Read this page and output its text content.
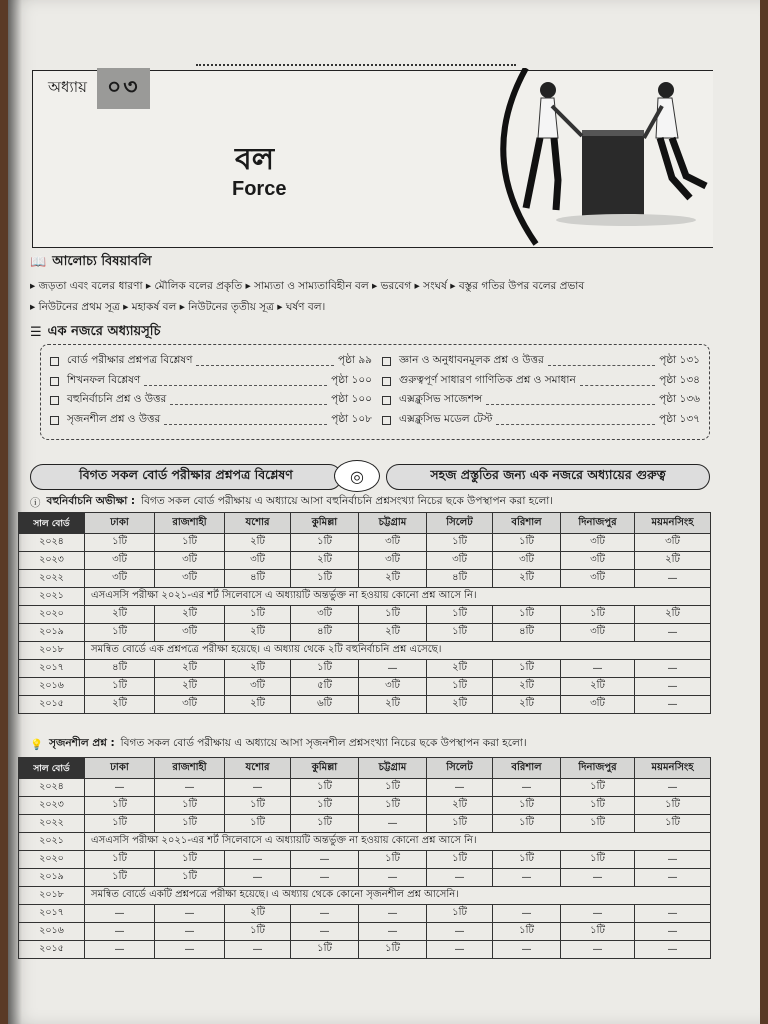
অধ্যায় ০৩
বল
Force
📖 আলোচ্য বিষয়াবলি
▸ জড়তা এবং বলের ধারণা ▸ মৌলিক বলের প্রকৃতি ▸ সাম্যতা ও সাম্যতাবিহীন বল ▸ ভরবেগ ▸ সংঘর্ষ ▸ বস্তুর গতির উপর বলের প্রভাব
▸ নিউটনের প্রথম সূত্র ▸ মহাকর্ষ বল ▸ নিউটনের তৃতীয় সূত্র ▸ ঘর্ষণ বল।
☰ এক নজরে অধ্যায়সূচি
বোর্ড পরীক্ষার প্রশ্নপত্র বিশ্লেষণ	পৃষ্ঠা ৯৯
শিখনফল বিশ্লেষণ	পৃষ্ঠা ১০০
বহুনির্বাচনি প্রশ্ন ও উত্তর	পৃষ্ঠা ১০০
সৃজনশীল প্রশ্ন ও উত্তর	পৃষ্ঠা ১০৮
জ্ঞান ও অনুধাবনমূলক প্রশ্ন ও উত্তর	পৃষ্ঠা ১৩১
গুরুত্বপূর্ণ সাধারণ গাণিতিক প্রশ্ন ও সমাধান	পৃষ্ঠা ১৩৪
এক্সক্লুসিভ সাজেশন্স	পৃষ্ঠা ১৩৬
এক্সক্লুসিভ মডেল টেস্ট	পৃষ্ঠা ১৩৭
বিগত সকল বোর্ড পরীক্ষার প্রশ্নপত্র বিশ্লেষণ	◎	সহজ প্রস্তুতির জন্য এক নজরে অধ্যায়ের গুরুত্ব
ⓘ বহুনির্বাচনি অভীক্ষা : বিগত সকল বোর্ড পরীক্ষায় এ অধ্যায়ে আসা বহুনির্বাচনি প্রশ্নসংখ্যা নিচের ছকে উপস্থাপন করা হলো।
সাল বোর্ড	ঢাকা	রাজশাহী	যশোর	কুমিল্লা	চট্টগ্রাম	সিলেট	বরিশাল	দিনাজপুর	ময়মনসিংহ
২০২৪	১টি	১টি	২টি	১টি	৩টি	১টি	১টি	৩টি	৩টি
২০২৩	৩টি	৩টি	৩টি	২টি	৩টি	৩টি	৩টি	৩টি	২টি
২০২২	৩টি	৩টি	৪টি	১টি	২টি	৪টি	২টি	৩টি	—
২০২১	এসএসসি পরীক্ষা ২০২১-এর শর্ট সিলেবাসে এ অধ্যায়টি অন্তর্ভুক্ত না হওয়ায় কোনো প্রশ্ন আসে নি।								
২০২০	২টি	২টি	১টি	৩টি	১টি	১টি	১টি	১টি	২টি
২০১৯	১টি	৩টি	২টি	৪টি	২টি	১টি	৪টি	৩টি	—
২০১৮	সমন্বিত বোর্ডে এক প্রশ্নপত্রে পরীক্ষা হয়েছে। এ অধ্যায় থেকে ২টি বহুনির্বাচনি প্রশ্ন এসেছে।								
২০১৭	৪টি	২টি	২টি	১টি	—	২টি	১টি	—	—
২০১৬	১টি	২টি	৩টি	৫টি	৩টি	১টি	২টি	২টি	—
২০১৫	২টি	৩টি	২টি	৬টি	২টি	২টি	২টি	৩টি	—
💡 সৃজনশীল প্রশ্ন : বিগত সকল বোর্ড পরীক্ষায় এ অধ্যায়ে আসা সৃজনশীল প্রশ্নসংখ্যা নিচের ছকে উপস্থাপন করা হলো।
সাল বোর্ড	ঢাকা	রাজশাহী	যশোর	কুমিল্লা	চট্টগ্রাম	সিলেট	বরিশাল	দিনাজপুর	ময়মনসিংহ
২০২৪	—	—	—	১টি	১টি	—	—	১টি	—
২০২৩	১টি	১টি	১টি	১টি	১টি	২টি	১টি	১টি	১টি
২০২২	১টি	১টি	১টি	১টি	—	১টি	১টি	১টি	১টি
২০২১	এসএসসি পরীক্ষা ২০২১-এর শর্ট সিলেবাসে এ অধ্যায়টি অন্তর্ভুক্ত না হওয়ায় কোনো প্রশ্ন আসে নি।								
২০২০	১টি	১টি	—	—	১টি	১টি	১টি	১টি	—
২০১৯	১টি	১টি	—	—	—	—	—	—	—
২০১৮	সমন্বিত বোর্ডে একটি প্রশ্নপত্রে পরীক্ষা হয়েছে। এ অধ্যায় থেকে কোনো সৃজনশীল প্রশ্ন আসেনি।								
২০১৭	—	—	২টি	—	—	১টি	—	—	—
২০১৬	—	—	১টি	—	—	—	১টি	১টি	—
২০১৫	—	—	—	১টি	১টি	—	—	—	—
